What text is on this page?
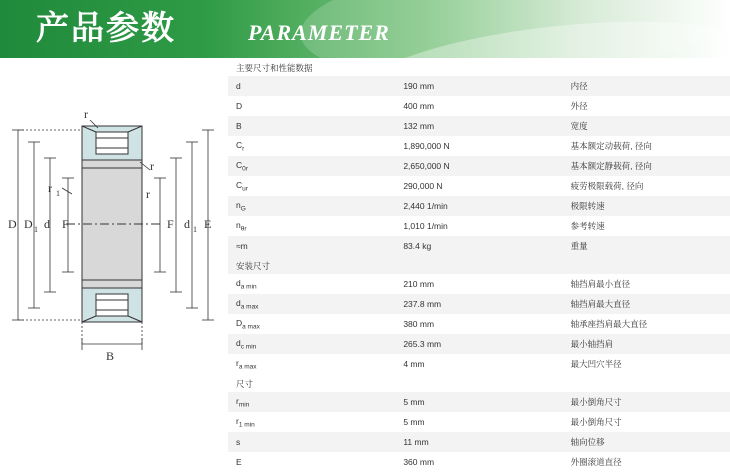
产品参数	PARAMETER
r
r
r
r 1
D D 1 d F	F d 1 E
B
主要尺寸和性能数据		
d	190 mm	内径
D	400 mm	外径
B	132 mm	宽度
$C_r$	1,890,000 N	基本额定动载荷, 径向
$C_{0r}$	2,650,000 N	基本额定静载荷, 径向
$C_{ur}$	290,000 N	疲劳极限载荷, 径向
$n_G$	2,440 1/min	极限转速
$n_{\theta r}$	1,010 1/min	参考转速
≈m	83.4 kg	重量
安装尺寸		
$d_{a min}$	210 mm	轴挡肩最小直径
$d_{a max}$	237.8 mm	轴挡肩最大直径
$D_{a max}$	380 mm	轴承座挡肩最大直径
$d_{c min}$	265.3 mm	最小轴挡肩
$r_{a max}$	4 mm	最大凹穴半径
尺寸		
$r_{min}$	5 mm	最小倒角尺寸
$r_{1 min}$	5 mm	最小倒角尺寸
s	11 mm	轴向位移
E	360 mm	外圈滚道直径
